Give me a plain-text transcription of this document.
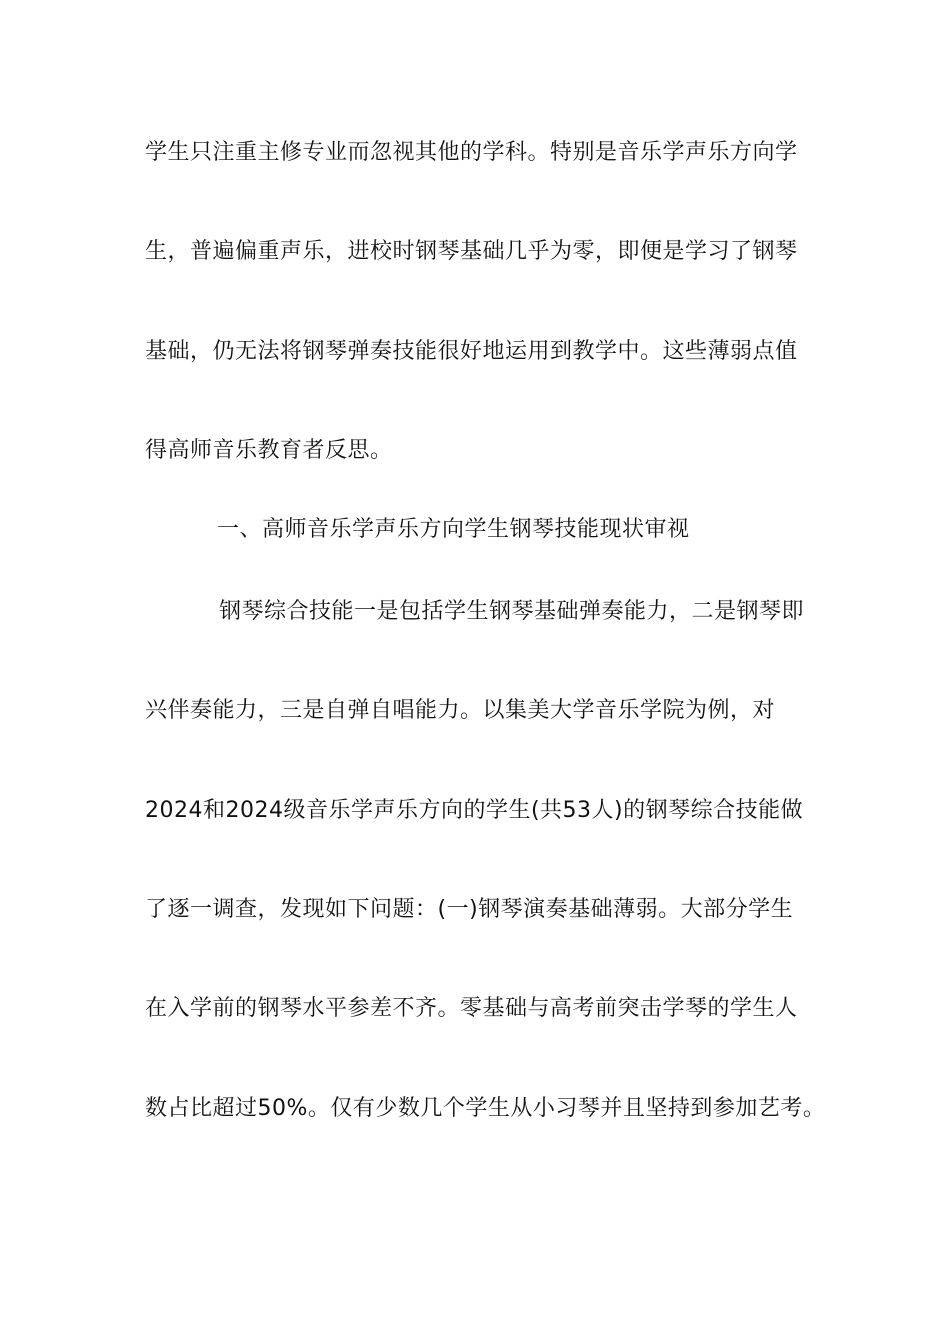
学生只注重主修专业而忽视其他的学科。特别是音乐学声乐方向学
生，普遍偏重声乐，进校时钢琴基础几乎为零，即便是学习了钢琴
基础，仍无法将钢琴弹奏技能很好地运用到教学中。这些薄弱点值
得高师音乐教育者反思。
一、高师音乐学声乐方向学生钢琴技能现状审视
钢琴综合技能一是包括学生钢琴基础弹奏能力，二是钢琴即
兴伴奏能力，三是自弹自唱能力。以集美大学音乐学院为例，对
2024和2024级音乐学声乐方向的学生(共53人)的钢琴综合技能做
了逐一调查，发现如下问题：(一)钢琴演奏基础薄弱。大部分学生
在入学前的钢琴水平参差不齐。零基础与高考前突击学琴的学生人
数占比超过50%。仅有少数几个学生从小习琴并且坚持到参加艺考。
